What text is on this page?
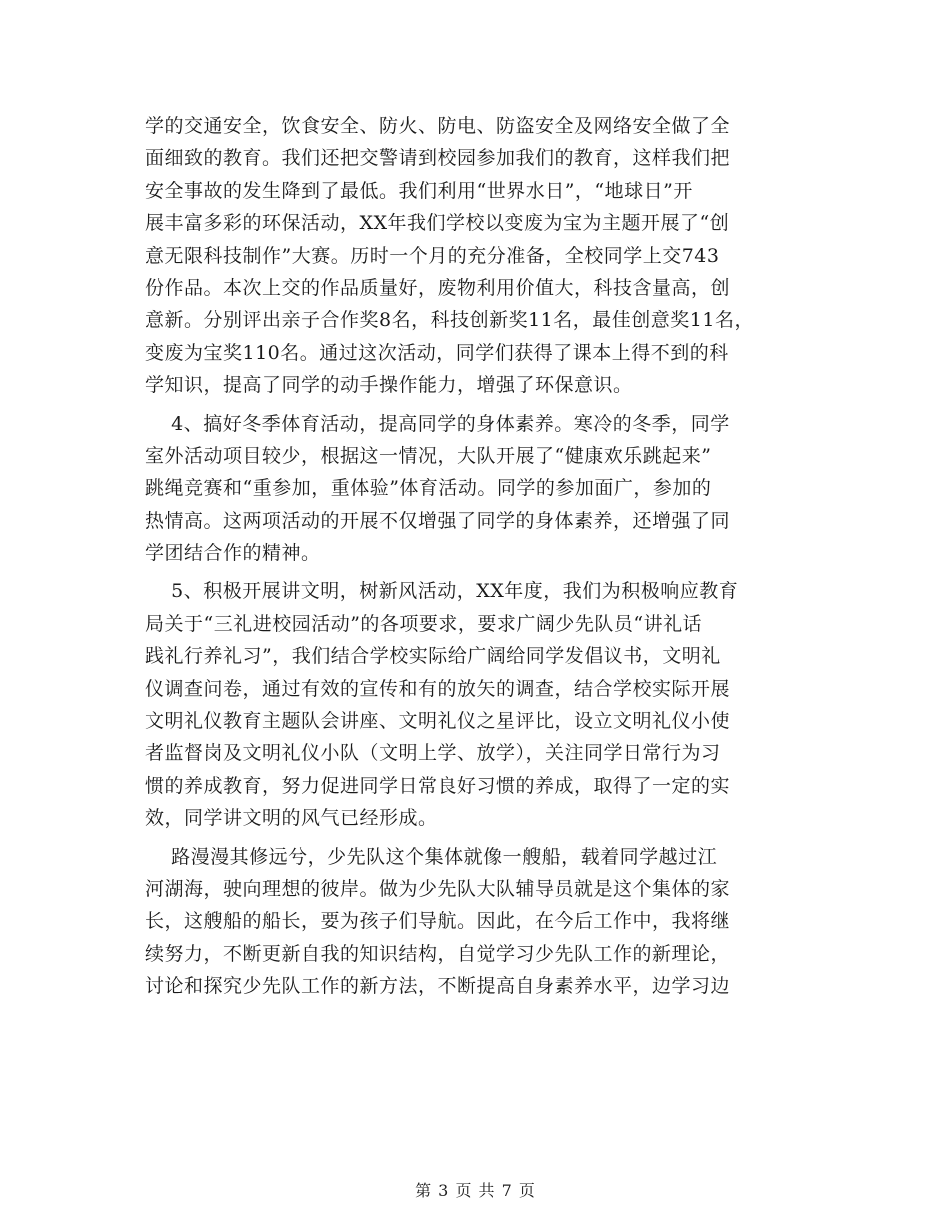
学的交通安全，饮食安全、防火、防电、防盗安全及网络安全做了全
面细致的教育。我们还把交警请到校园参加我们的教育，这样我们把
安全事故的发生降到了最低。我们利用“世界水日”，“地球日”开
展丰富多彩的环保活动，XX年我们学校以变废为宝为主题开展了“创
意无限科技制作”大赛。历时一个月的充分准备，全校同学上交743
份作品。本次上交的作品质量好，废物利用价值大，科技含量高，创
意新。分别评出亲子合作奖8名，科技创新奖11名，最佳创意奖11名，
变废为宝奖110名。通过这次活动，同学们获得了课本上得不到的科
学知识，提高了同学的动手操作能力，增强了环保意识。
4、搞好冬季体育活动，提高同学的身体素养。寒冷的冬季，同学
室外活动项目较少，根据这一情况，大队开展了“健康欢乐跳起来”
跳绳竞赛和“重参加，重体验”体育活动。同学的参加面广，参加的
热情高。这两项活动的开展不仅增强了同学的身体素养，还增强了同
学团结合作的精神。
5、积极开展讲文明，树新风活动，XX年度，我们为积极响应教育
局关于“三礼进校园活动”的各项要求，要求广阔少先队员“讲礼话
践礼行养礼习”，我们结合学校实际给广阔给同学发倡议书，文明礼
仪调查问卷，通过有效的宣传和有的放矢的调查，结合学校实际开展
文明礼仪教育主题队会讲座、文明礼仪之星评比，设立文明礼仪小使
者监督岗及文明礼仪小队（文明上学、放学），关注同学日常行为习
惯的养成教育，努力促进同学日常良好习惯的养成，取得了一定的实
效，同学讲文明的风气已经形成。
路漫漫其修远兮，少先队这个集体就像一艘船，载着同学越过江
河湖海，驶向理想的彼岸。做为少先队大队辅导员就是这个集体的家
长，这艘船的船长，要为孩子们导航。因此，在今后工作中，我将继
续努力，不断更新自我的知识结构，自觉学习少先队工作的新理论，
讨论和探究少先队工作的新方法，不断提高自身素养水平，边学习边
第 3 页 共 7 页
